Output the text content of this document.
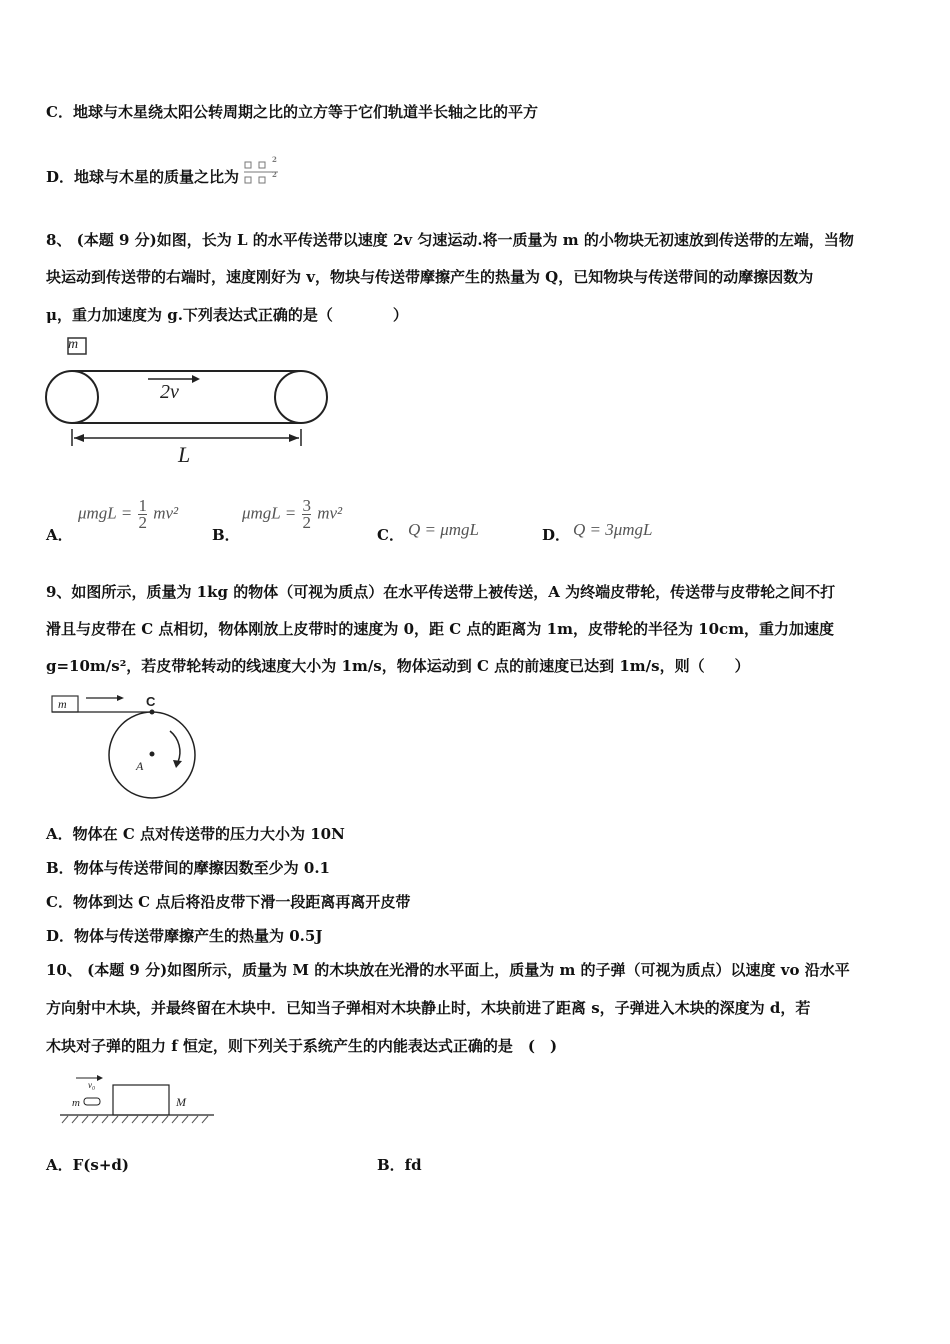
C．地球与木星绕太阳公转周期之比的立方等于它们轨道半长轴之比的平方
D．地球与木星的质量之比为
2
2
8、 (本题 9 分)如图，长为 L 的水平传送带以速度 2v 匀速运动.将一质量为 m 的小物块无初速放到传送带的左端，当物
块运动到传送带的右端时，速度刚好为 v，物块与传送带摩擦产生的热量为 Q，已知物块与传送带间的动摩擦因数为
μ，重力加速度为 g.下列表达式正确的是（　　　　）
m
2v
L
A．
$\mu mgL = \frac{1}{2} mv^2$
B．
$\mu mgL = \frac{3}{2} mv^2$
C． Q = μmgL	D． Q = 3μmgL
9、如图所示，质量为 1kg 的物体（可视为质点）在水平传送带上被传送，A 为终端皮带轮，传送带与皮带轮之间不打
滑且与皮带在 C 点相切，物体刚放上皮带时的速度为 0，距 C 点的距离为 1m，皮带轮的半径为 10cm，重力加速度
g=10m/s²，若皮带轮转动的线速度大小为 1m/s，物体运动到 C 点的前速度已达到 1m/s，则（　　）
m	C
A
A．物体在 C 点对传送带的压力大小为 10N
B．物体与传送带间的摩擦因数至少为 0.1
C．物体到达 C 点后将沿皮带下滑一段距离再离开皮带
D．物体与传送带摩擦产生的热量为 0.5J
10、 (本题 9 分)如图所示，质量为 M 的木块放在光滑的水平面上，质量为 m 的子弹（可视为质点）以速度 vo 沿水平
方向射中木块，并最终留在木块中．已知当子弹相对木块静止时，木块前进了距离 s，子弹进入木块的深度为 d，若
木块对子弹的阻力 f 恒定，则下列关于系统产生的内能表达式正确的是　(　)
v₀
m	M
A．F(s+d)	B．fd
